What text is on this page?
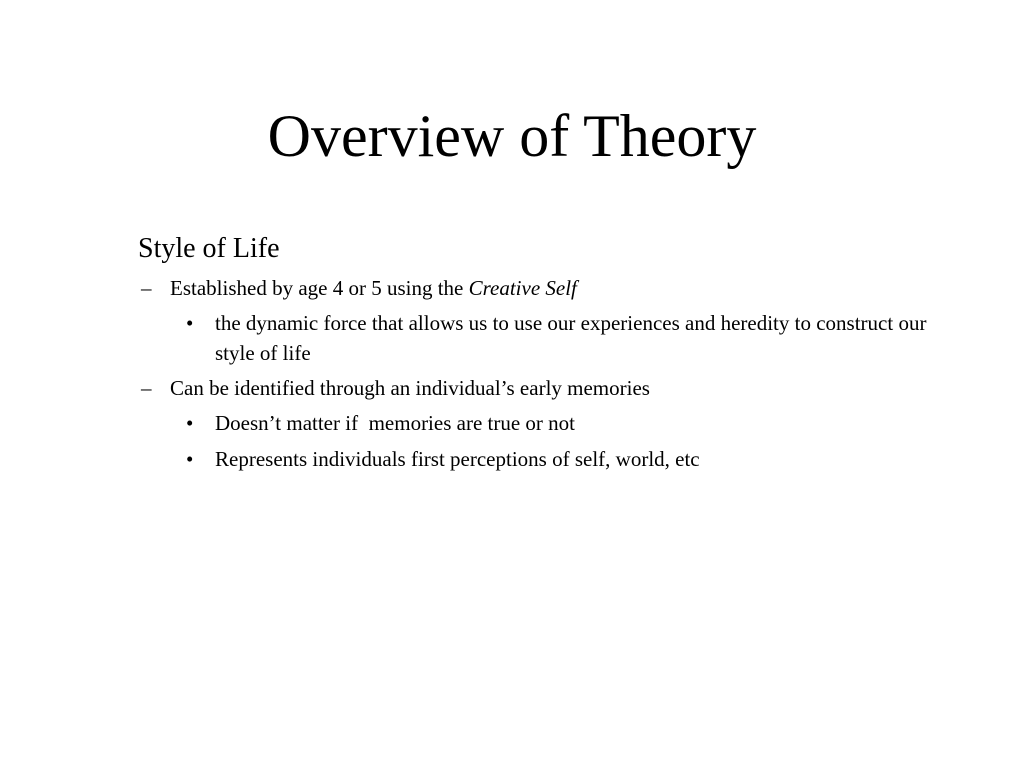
Overview of Theory

Style of Life

– Established by age 4 or 5 using the Creative Self
• the dynamic force that allows us to use our experiences and heredity to construct our style of life
– Can be identified through an individual’s early memories
• Doesn’t matter if  memories are true or not
• Represents individuals first perceptions of self, world, etc
